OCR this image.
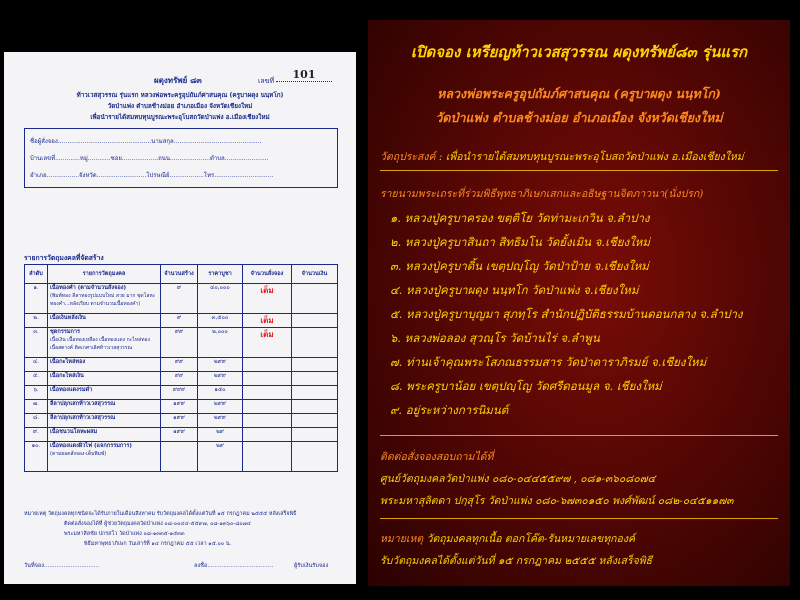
ผดุงทรัพย์ ๘๓	เลขที่	101
ท้าวเวสสุวรรณ รุ่นแรก หลวงพ่อพระครูอุปถัมภ์ศาสนคุณ (ครูบาผดุง นนฺทโก)
วัดป่าแพ่ง ตำบลช้างม่อย อำเภอเมือง จังหวัดเชียงใหม่
เพื่อนำรายได้สมทบทุนบูรณะพระอุโบสถวัดป่าแพ่ง อ.เมืองเชียงใหม่
ชื่อผู้สั่งจอง.................................................นามสกุล..............................................
บ้านเลขที่.............หมู่............ซอย...................ถนน.....................ตำบล.......................
อำเภอ.................จังหวัด..........................โปรษณีย์..................โทร...............................
รายการวัตถุมงคลที่จัดสร้าง
ลำดับ	รายการวัตถุมงคล	จำนวนสร้าง	ราคาบูชา	จำนวนสั่งจอง	จำนวนเงิน
๑.	เนื้อทองคำ (ตามจำนวนสั่งจอง)
(พิมพ์ทอง ลีลาทองรูปแบบใหม่ สวย มาก ชุดโลหะทองคำ...หลังเรียบ ตามจำนวนเนื้อทองคำ)	๙	๔๐,๐๐๐	เต็ม	
๒.	เนื้อเงินหลังเงิน	๙	๓,๕๐๐	เต็ม	
๓.	ชุดกรรมการ
เนื้อเงิน เนื้อทองเหลือง เนื้อทองแดง กะไหล่ทอง เนื้อสตางค์ ติดเกศาเลิศท้าวเวสสุวรรณ	๙๙	๒,๐๐๐	เต็ม	
๔.	เนื้อกะไหล่ทอง	๙๙	๒๙๙		
๕.	เนื้อกะไหล่เงิน	๙๙	๒๙๙		
๖.	เนื้อทองแดงรมดำ	๙๙๙	๑๕๐		
๗.	ลีลาปลุกเสกท้าวเวสสุวรรณ	๑๙๙	๒๙๙		
๘.	ลีลาปลุกเสกท้าวเวสสุวรรณ	๑๙๙	๒๙๙		
๙.	เนื้อชนวนโลหะผสม	๑๙๙	๒๙		
๑๐.	เนื้อทองแดงผิวไฟ (แจกกรรมการ)
(ตามยอดสั่งจอง-เต็มพิมพ์)		๒๙		
หมายเหตุ วัตถุมงคลทุกชนิดจะได้รับภายในเดือนสิงหาคม รับวัตถุมงคลได้ตั้งแต่วันที่ ๑๕ กรกฎาคม ๒๕๕๕ หลังเสร็จพิธี
ติดต่อสั่งจองได้ที่ ผู้ช่วยวัตถุมงคลวัดป่าแพ่ง ๐๘-๐๐๔๔-๕๕๙๗, ๐๘-๑๓๖๐-๘๐๗๔
พระมหาสิลชัย ปกรสโว วัดป่าแพ่ง ๐๘-๑๓๓๕-๑๕๓๓
พิธีมหาพุทธาภิเษก วันเสาร์ที่ ๑๔ กรกฎาคม ๕๕ เวลา ๑๕.๐๐ น.
วันที่จอง...............................	ลงชื่อ.....................................	ผู้รับเงินรับจอง
เปิดจอง เหรียญท้าวเวสสุวรรณ ผดุงทรัพย์๘๓ รุ่นแรก
หลวงพ่อพระครูอุปถัมภ์ศาสนคุณ (ครูบาผดุง นนฺทโก)
วัดป่าแพ่ง ตำบลช้างม่อย อำเภอเมือง จังหวัดเชียงใหม่
วัตถุประสงค์ : เพื่อนำรายได้สมทบทุนบูรณะพระอุโบสถวัดป่าแพ่ง อ.เมืองเชียงใหม่
รายนามพระเถระที่ร่วมพิธีพุทธาภิเษกเสกและอธิษฐานจิตภาวนา(นั่งปรก)
๑. หลวงปู่ครูบาครอง ขตฺติโย วัดท่ามะเกวิน จ.ลำปาง
๒. หลวงปู่ครูบาสินถา สิทธิมโน วัดยั้งเมิน จ.เชียงใหม่
๓. หลวงปู่ครูบาดิ้น เขตฺปญฺโญ วัดป่าป้าย จ.เชียงใหม่
๔. หลวงปู่ครูบาผดุง นนฺทโก วัดป่าแพ่ง จ.เชียงใหม่
๕. หลวงปู่ครูบาบุญมา สุภทฺโร สำนักปฏิบัติธรรมบ้านดอนกลาง จ.ลำปาง
๖. หลวงพ่อลอง สุวณฺโร วัดบ้านไร่ จ.ลำพูน
๗. ท่านเจ้าคุณพระโสภณธรรมสาร วัดป่าดาราภิรมย์ จ.เชียงใหม่
๘. พระครูบาน้อย เขตฺปญฺโญ วัดศรีดอนมูล จ. เชียงใหม่
๙. อยู่ระหว่างการนิมนต์
ติดต่อสั่งจองสอบถามได้ที่
ศูนย์วัตถุมงคลวัดป่าแพ่ง ๐๘๐-๐๔๔๕๕๙๗ , ๐๘๑-๓๖๐๘๐๗๔
พระมหาสุลิตดา ปกฺสุโร วัดป่าแพ่ง ๐๘๐-๖๗๓๐๑๕๐ พงศ์พัฒน์ ๐๘๒-๐๔๕๑๑๗๓
หมายเหตุ วัตถุมงคลทุกเนื้อ ตอกโค๊ต-รันหมายเลขทุกองค์
รับวัตถุมงคลได้ตั้งแต่วันที่ ๑๕ กรกฎาคม ๒๕๕๕ หลังเสร็จพิธี
